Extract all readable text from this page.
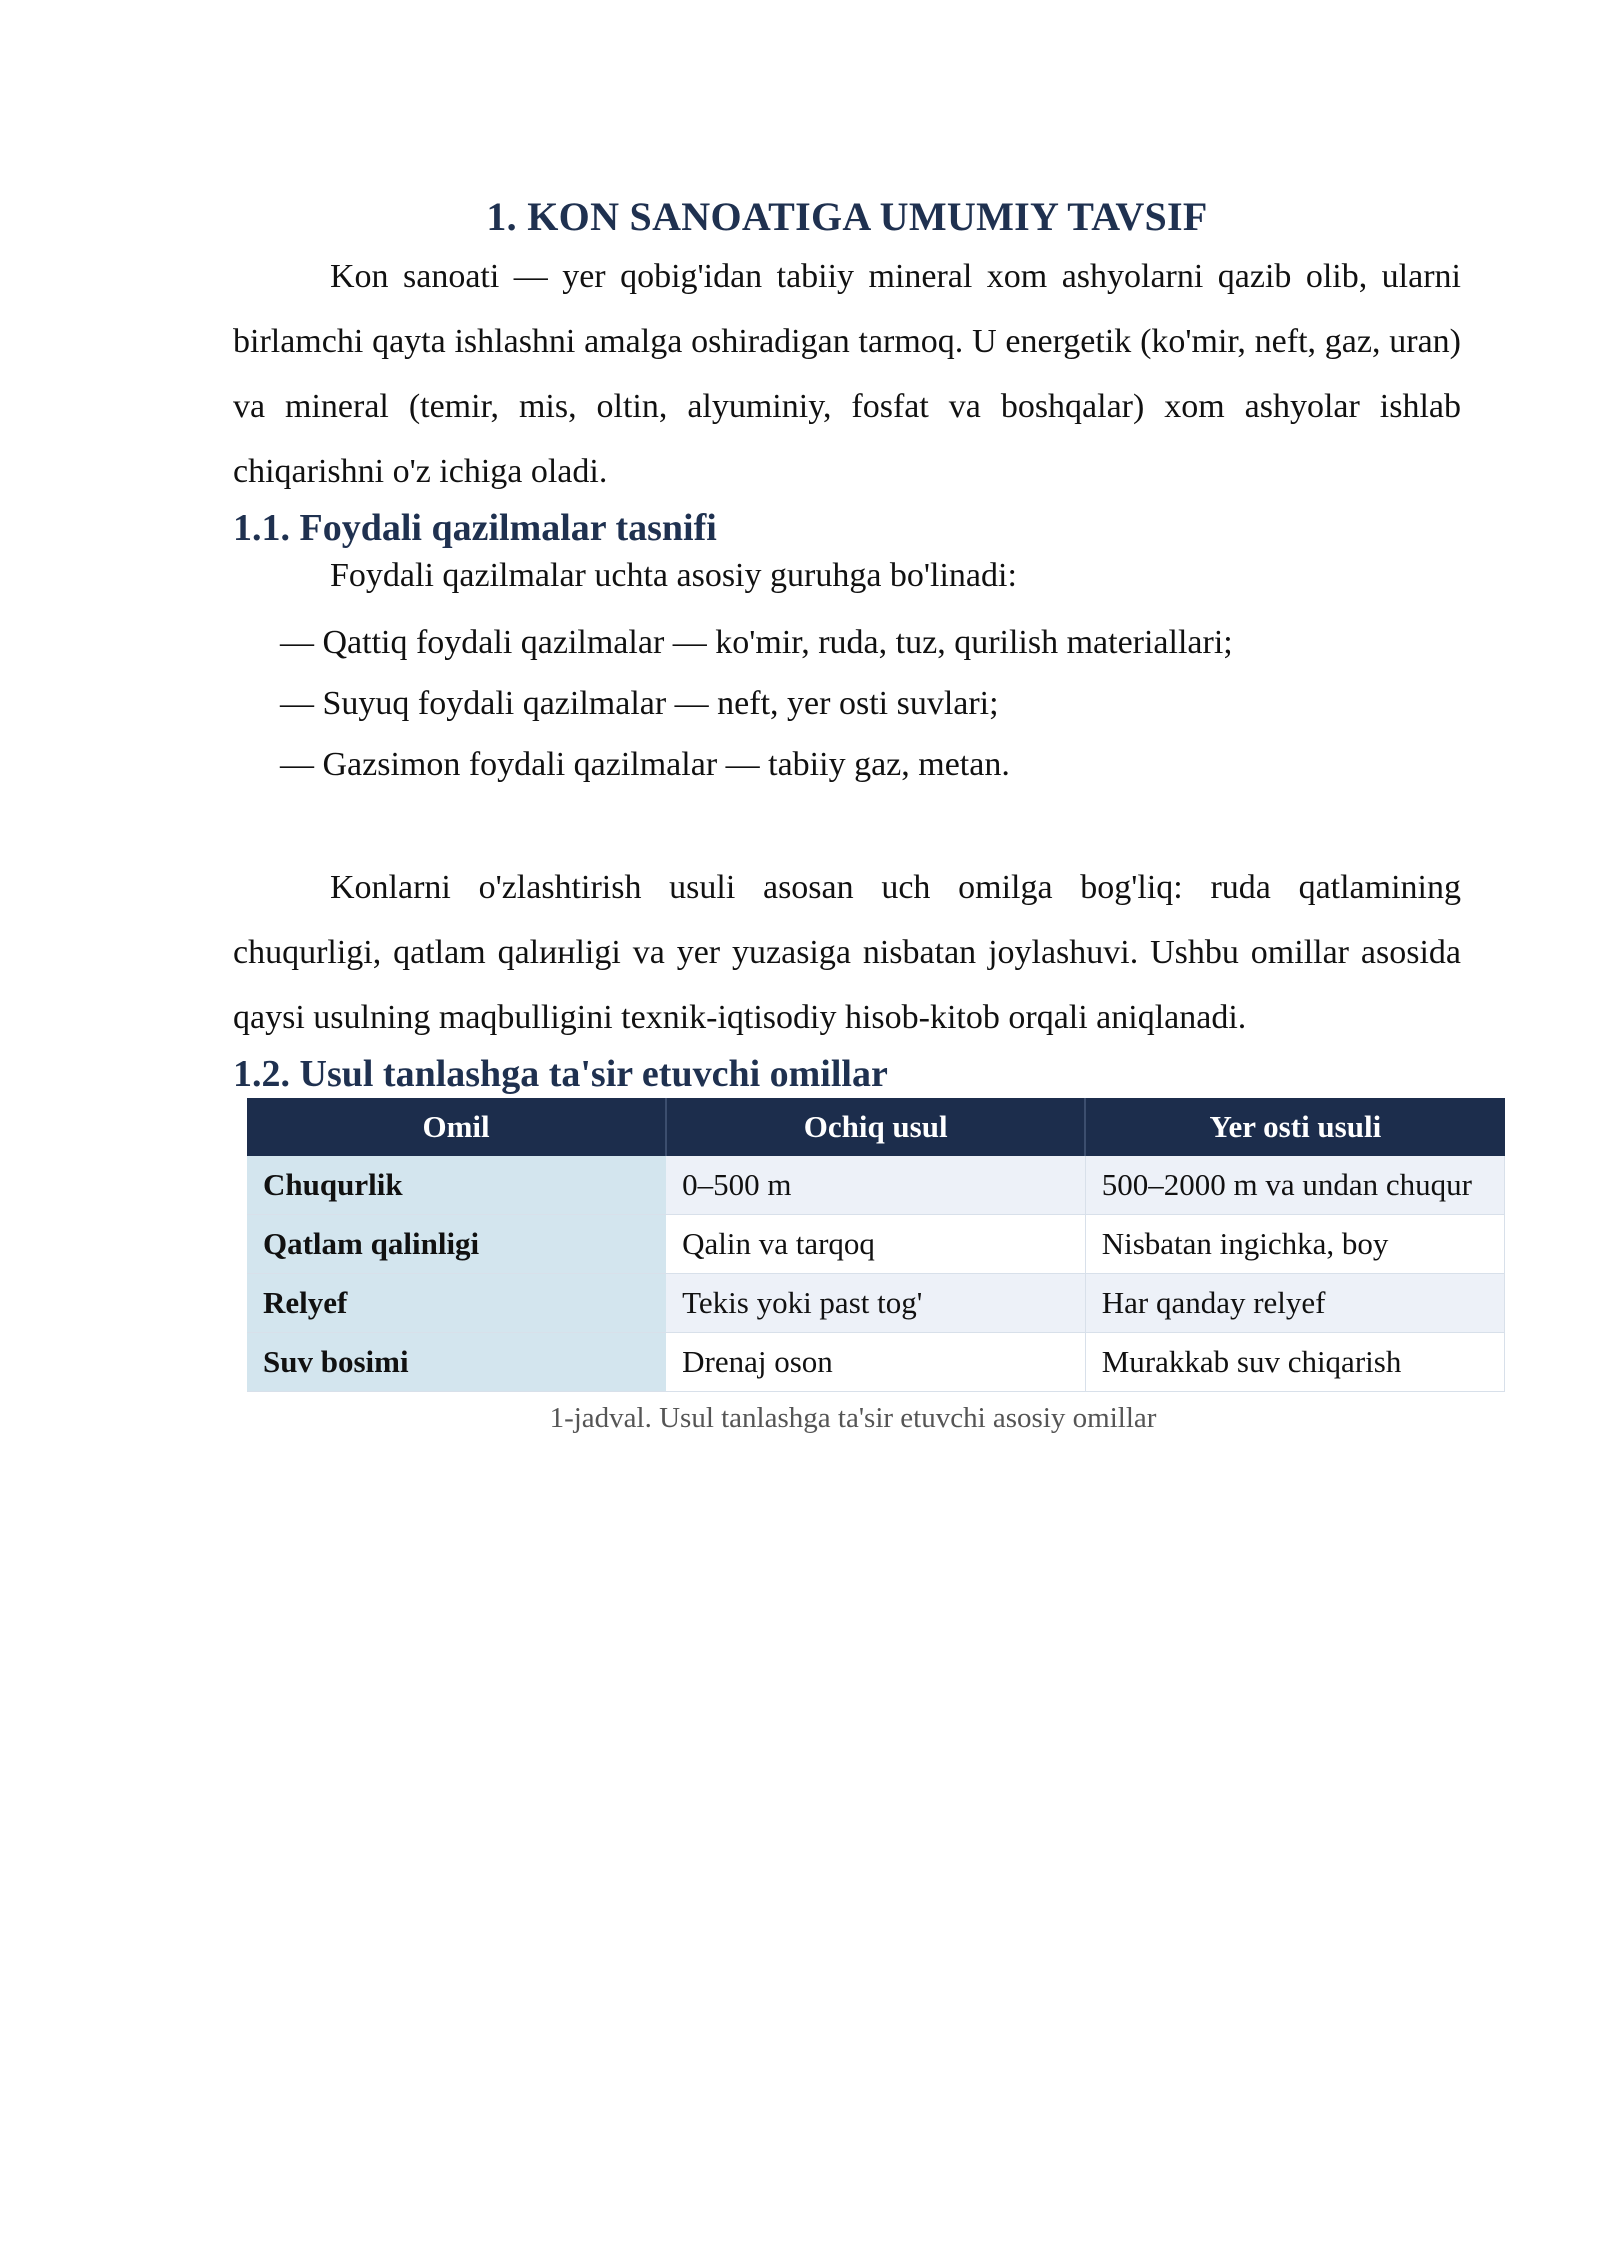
1. KON SANOATIGA UMUMIY TAVSIF

Kon sanoati — yer qobig'idan tabiiy mineral xom ashyolarni qazib olib, ularni birlamchi qayta ishlashni amalga oshiradigan tarmoq. U energetik (ko'mir, neft, gaz, uran) va mineral (temir, mis, oltin, alyuminiy, fosfat va boshqalar) xom ashyolar ishlab chiqarishni o'z ichiga oladi.

1.1. Foydali qazilmalar tasnifi

Foydali qazilmalar uchta asosiy guruhga bo'linadi:

— Qattiq foydali qazilmalar — ko'mir, ruda, tuz, qurilish materiallari;
— Suyuq foydali qazilmalar — neft, yer osti suvlari;
— Gazsimon foydali qazilmalar — tabiiy gaz, metan.

Konlarni o'zlashtirish usuli asosan uch omilga bog'liq: ruda qatlamining chuqurligi, qatlam qalинligi va yer yuzasiga nisbatan joylashuvi. Ushbu omillar asosida qaysi usulning maqbulligini texnik-iqtisodiy hisob-kitob orqali aniqlanadi.

1.2. Usul tanlashga ta'sir etuvchi omillar
Omil	Ochiq usul	Yer osti usuli
Chuqurlik	0–500 m	500–2000 m va undan chuqur
Qatlam qalinligi	Qalin va tarqoq	Nisbatan ingichka, boy
Relyef	Tekis yoki past tog'	Har qanday relyef
Suv bosimi	Drenaj oson	Murakkab suv chiqarish

1-jadval. Usul tanlashga ta'sir etuvchi asosiy omillar
